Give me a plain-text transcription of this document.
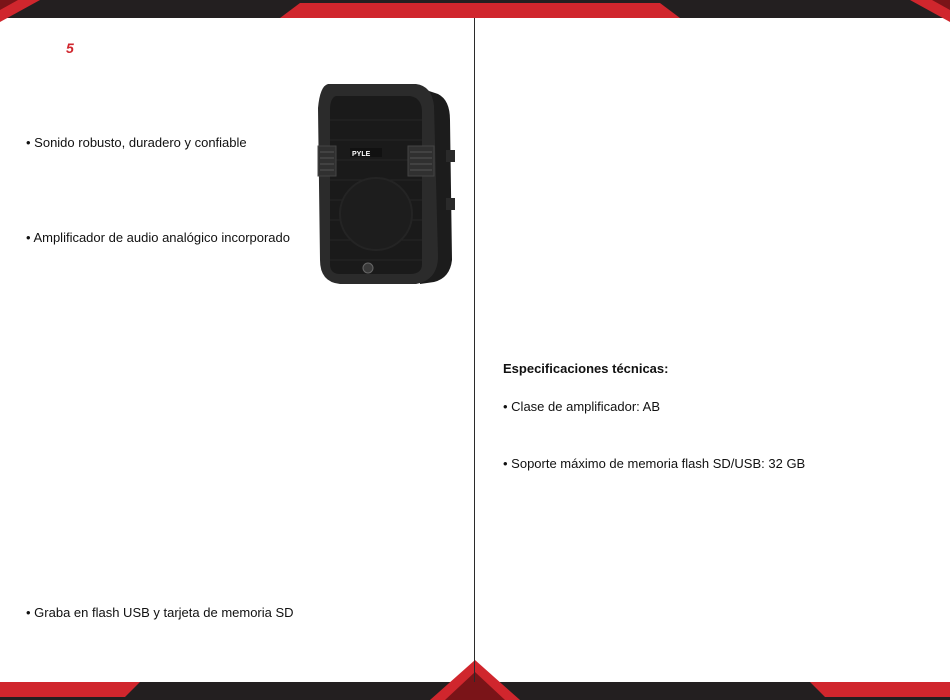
5
• Sonido robusto, duradero y confiable
• Amplificador de audio analógico incorporado
• Graba en flash USB y tarjeta de memoria SD
PYLE
Especificaciones técnicas:
• Clase de amplificador: AB
• Soporte máximo de memoria flash SD/USB: 32 GB
